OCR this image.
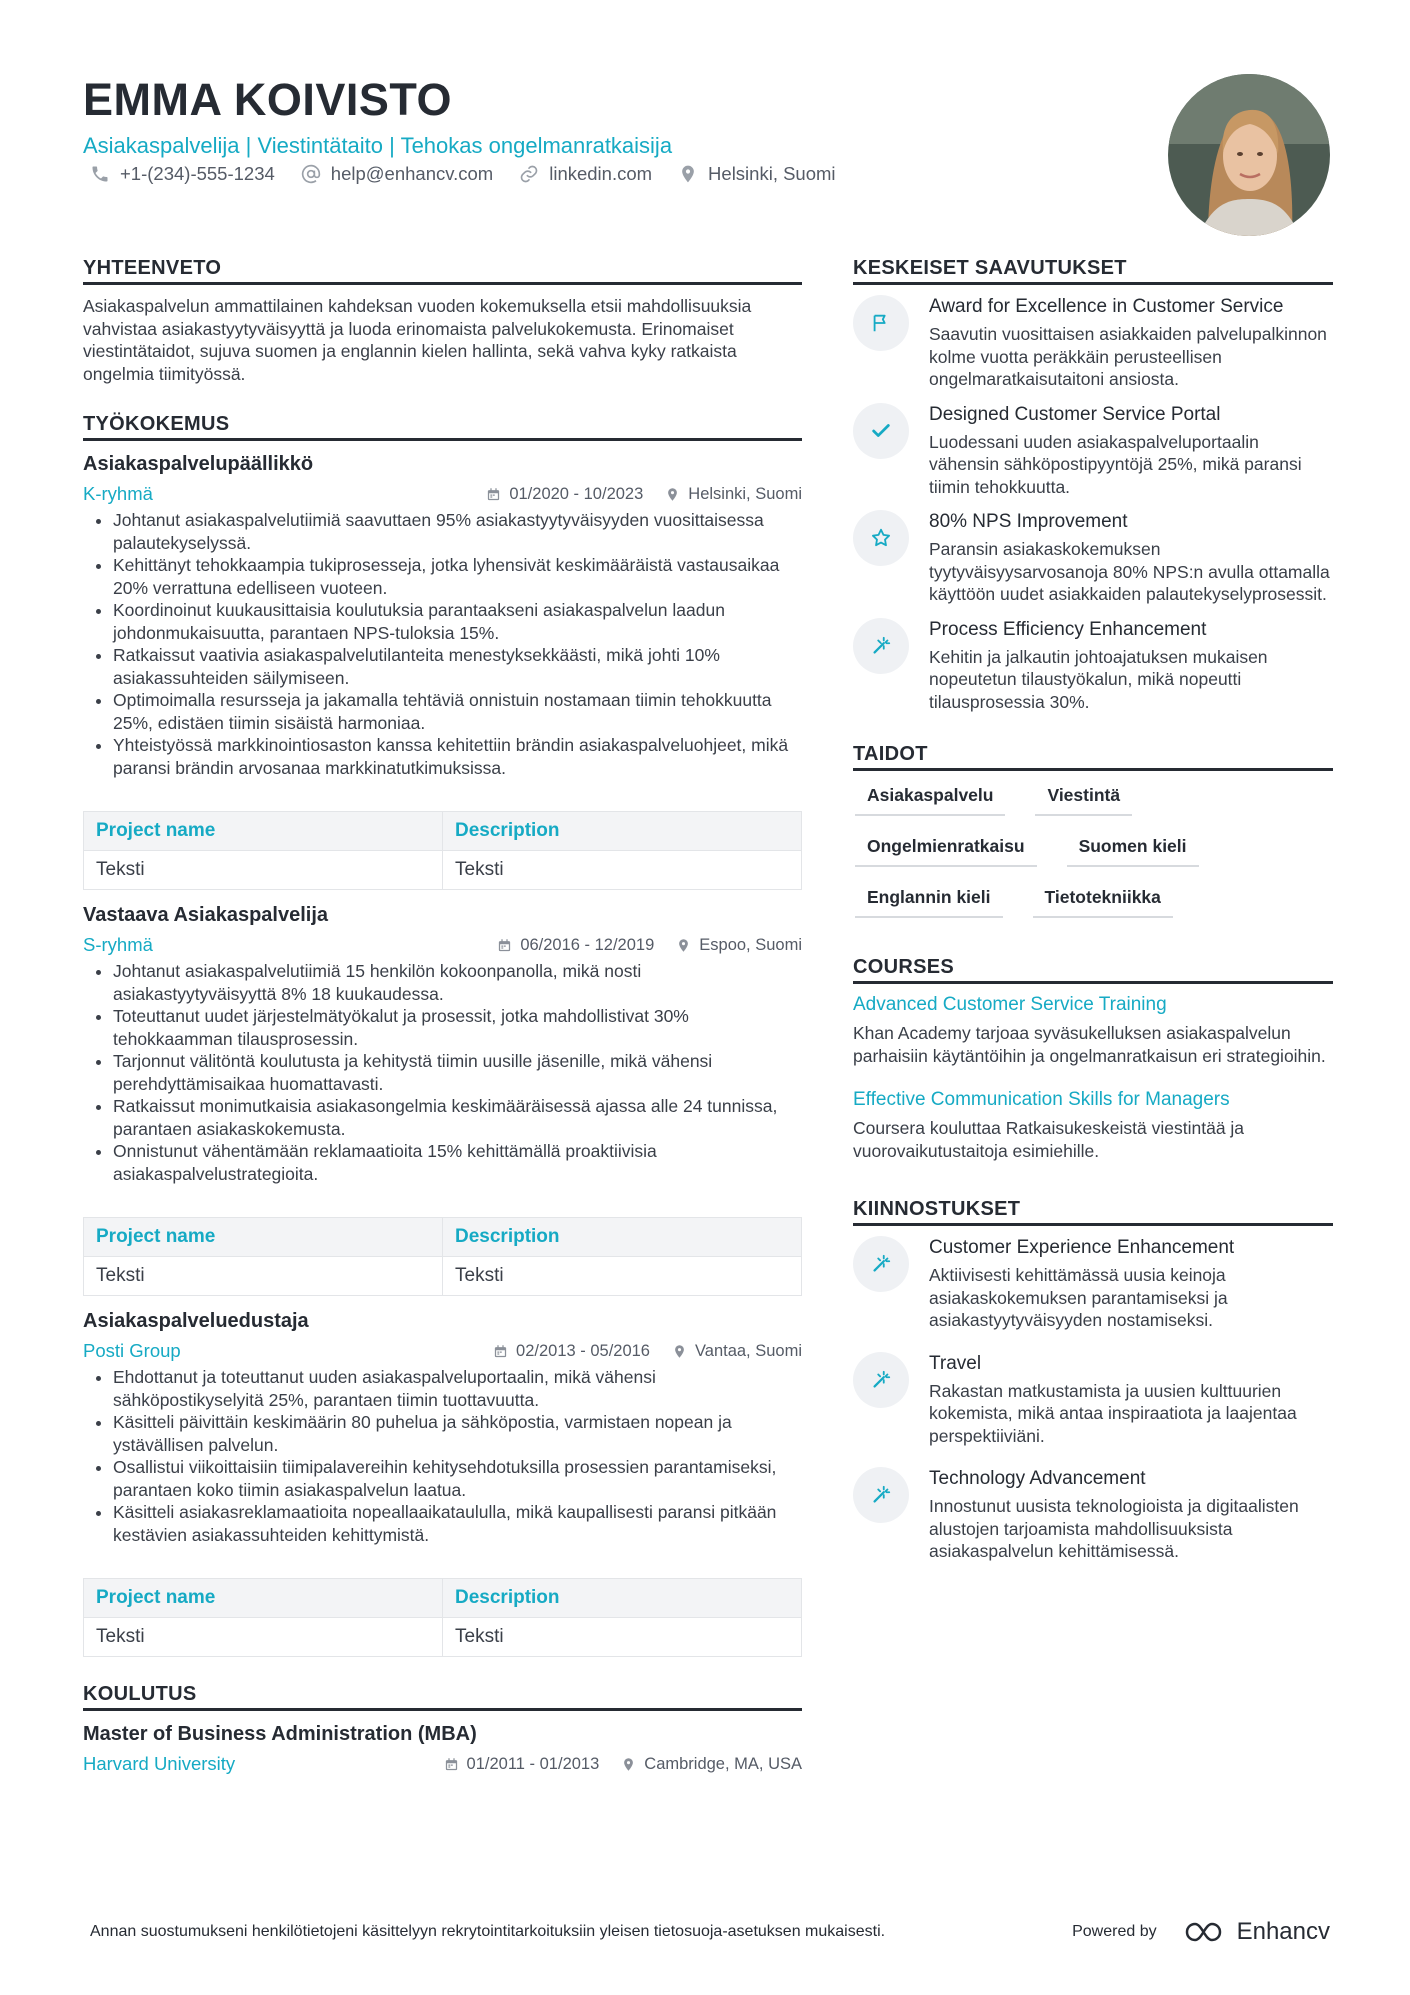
EMMA KOIVISTO
Asiakaspalvelija | Viestintätaito | Tehokas ongelmanratkaisija
+1-(234)-555-1234	help@enhancv.com	linkedin.com	Helsinki, Suomi
YHTEENVETO

Asiakaspalvelun ammattilainen kahdeksan vuoden kokemuksella etsii mahdollisuuksia vahvistaa asiakastyytyväisyyttä ja luoda erinomaista palvelukokemusta. Erinomaiset viestintätaidot, sujuva suomen ja englannin kielen hallinta, sekä vahva kyky ratkaista ongelmia tiimityössä.

TYÖKOKEMUS
Asiakaspalvelupäällikkö
K-ryhmä	01/2020 - 10/2023	Helsinki, Suomi
• Johtanut asiakaspalvelutiimiä saavuttaen 95% asiakastyytyväisyyden vuosittaisessa palautekyselyssä.
• Kehittänyt tehokkaampia tukiprosesseja, jotka lyhensivät keskimääräistä vastausaikaa 20% verrattuna edelliseen vuoteen.
• Koordinoinut kuukausittaisia koulutuksia parantaakseni asiakaspalvelun laadun johdonmukaisuutta, parantaen NPS-tuloksia 15%.
• Ratkaissut vaativia asiakaspalvelutilanteita menestyksekkäästi, mikä johti 10% asiakassuhteiden säilymiseen.
• Optimoimalla resursseja ja jakamalla tehtäviä onnistuin nostamaan tiimin tehokkuutta 25%, edistäen tiimin sisäistä harmoniaa.
• Yhteistyössä markkinointiosaston kanssa kehitettiin brändin asiakaspalveluohjeet, mikä paransi brändin arvosanaa markkinatutkimuksissa.
Project name	Description
Teksti	Teksti
Vastaava Asiakaspalvelija
S-ryhmä	06/2016 - 12/2019	Espoo, Suomi
• Johtanut asiakaspalvelutiimiä 15 henkilön kokoonpanolla, mikä nosti asiakastyytyväisyyttä 8% 18 kuukaudessa.
• Toteuttanut uudet järjestelmätyökalut ja prosessit, jotka mahdollistivat 30% tehokkaamman tilausprosessin.
• Tarjonnut välitöntä koulutusta ja kehitystä tiimin uusille jäsenille, mikä vähensi perehdyttämisaikaa huomattavasti.
• Ratkaissut monimutkaisia asiakasongelmia keskimääräisessä ajassa alle 24 tunnissa, parantaen asiakaskokemusta.
• Onnistunut vähentämään reklamaatioita 15% kehittämällä proaktiivisia asiakaspalvelustrategioita.
Project name	Description
Teksti	Teksti
Asiakaspalveluedustaja
Posti Group	02/2013 - 05/2016	Vantaa, Suomi
• Ehdottanut ja toteuttanut uuden asiakaspalveluportaalin, mikä vähensi sähköpostikyselyitä 25%, parantaen tiimin tuottavuutta.
• Käsitteli päivittäin keskimäärin 80 puhelua ja sähköpostia, varmistaen nopean ja ystävällisen palvelun.
• Osallistui viikoittaisiin tiimipalavereihin kehitysehdotuksilla prosessien parantamiseksi, parantaen koko tiimin asiakaspalvelun laatua.
• Käsitteli asiakasreklamaatioita nopeallaaikataululla, mikä kaupallisesti paransi pitkään kestävien asiakassuhteiden kehittymistä.
Project name	Description
Teksti	Teksti
KOULUTUS
Master of Business Administration (MBA)
Harvard University	01/2011 - 01/2013	Cambridge, MA, USA
KESKEISET SAAVUTUKSET

Award for Excellence in Customer Service

Saavutin vuosittaisen asiakkaiden palvelupalkinnon kolme vuotta peräkkäin perusteellisen ongelmaratkaisutaitoni ansiosta.

Designed Customer Service Portal

Luodessani uuden asiakaspalveluportaalin vähensin sähköpostipyyntöjä 25%, mikä paransi tiimin tehokkuutta.

80% NPS Improvement

Paransin asiakaskokemuksen tyytyväisyysarvosanoja 80% NPS:n avulla ottamalla käyttöön uudet asiakkaiden palautekyselyprosessit.

Process Efficiency Enhancement

Kehitin ja jalkautin johtoajatuksen mukaisen nopeutetun tilaustyökalun, mikä nopeutti tilausprosessia 30%.

TAIDOT
Asiakaspalvelu	Viestintä
Ongelmienratkaisu	Suomen kieli
Englannin kieli	Tietotekniikka
COURSES

Advanced Customer Service Training

Khan Academy tarjoaa syväsukelluksen asiakaspalvelun parhaisiin käytäntöihin ja ongelmanratkaisun eri strategioihin.

Effective Communication Skills for Managers

Coursera kouluttaa Ratkaisukeskeistä viestintää ja vuorovaikutustaitoja esimiehille.

KIINNOSTUKSET

Customer Experience Enhancement

Aktiivisesti kehittämässä uusia keinoja asiakaskokemuksen parantamiseksi ja asiakastyytyväisyyden nostamiseksi.

Travel

Rakastan matkustamista ja uusien kulttuurien kokemista, mikä antaa inspiraatiota ja laajentaa perspektiiviäni.

Technology Advancement

Innostunut uusista teknologioista ja digitaalisten alustojen tarjoamista mahdollisuuksista asiakaspalvelun kehittämisessä.

Annan suostumukseni henkilötietojeni käsittelyyn rekrytointitarkoituksiin yleisen tietosuoja-asetuksen mukaisesti.	Powered by	Enhancv
